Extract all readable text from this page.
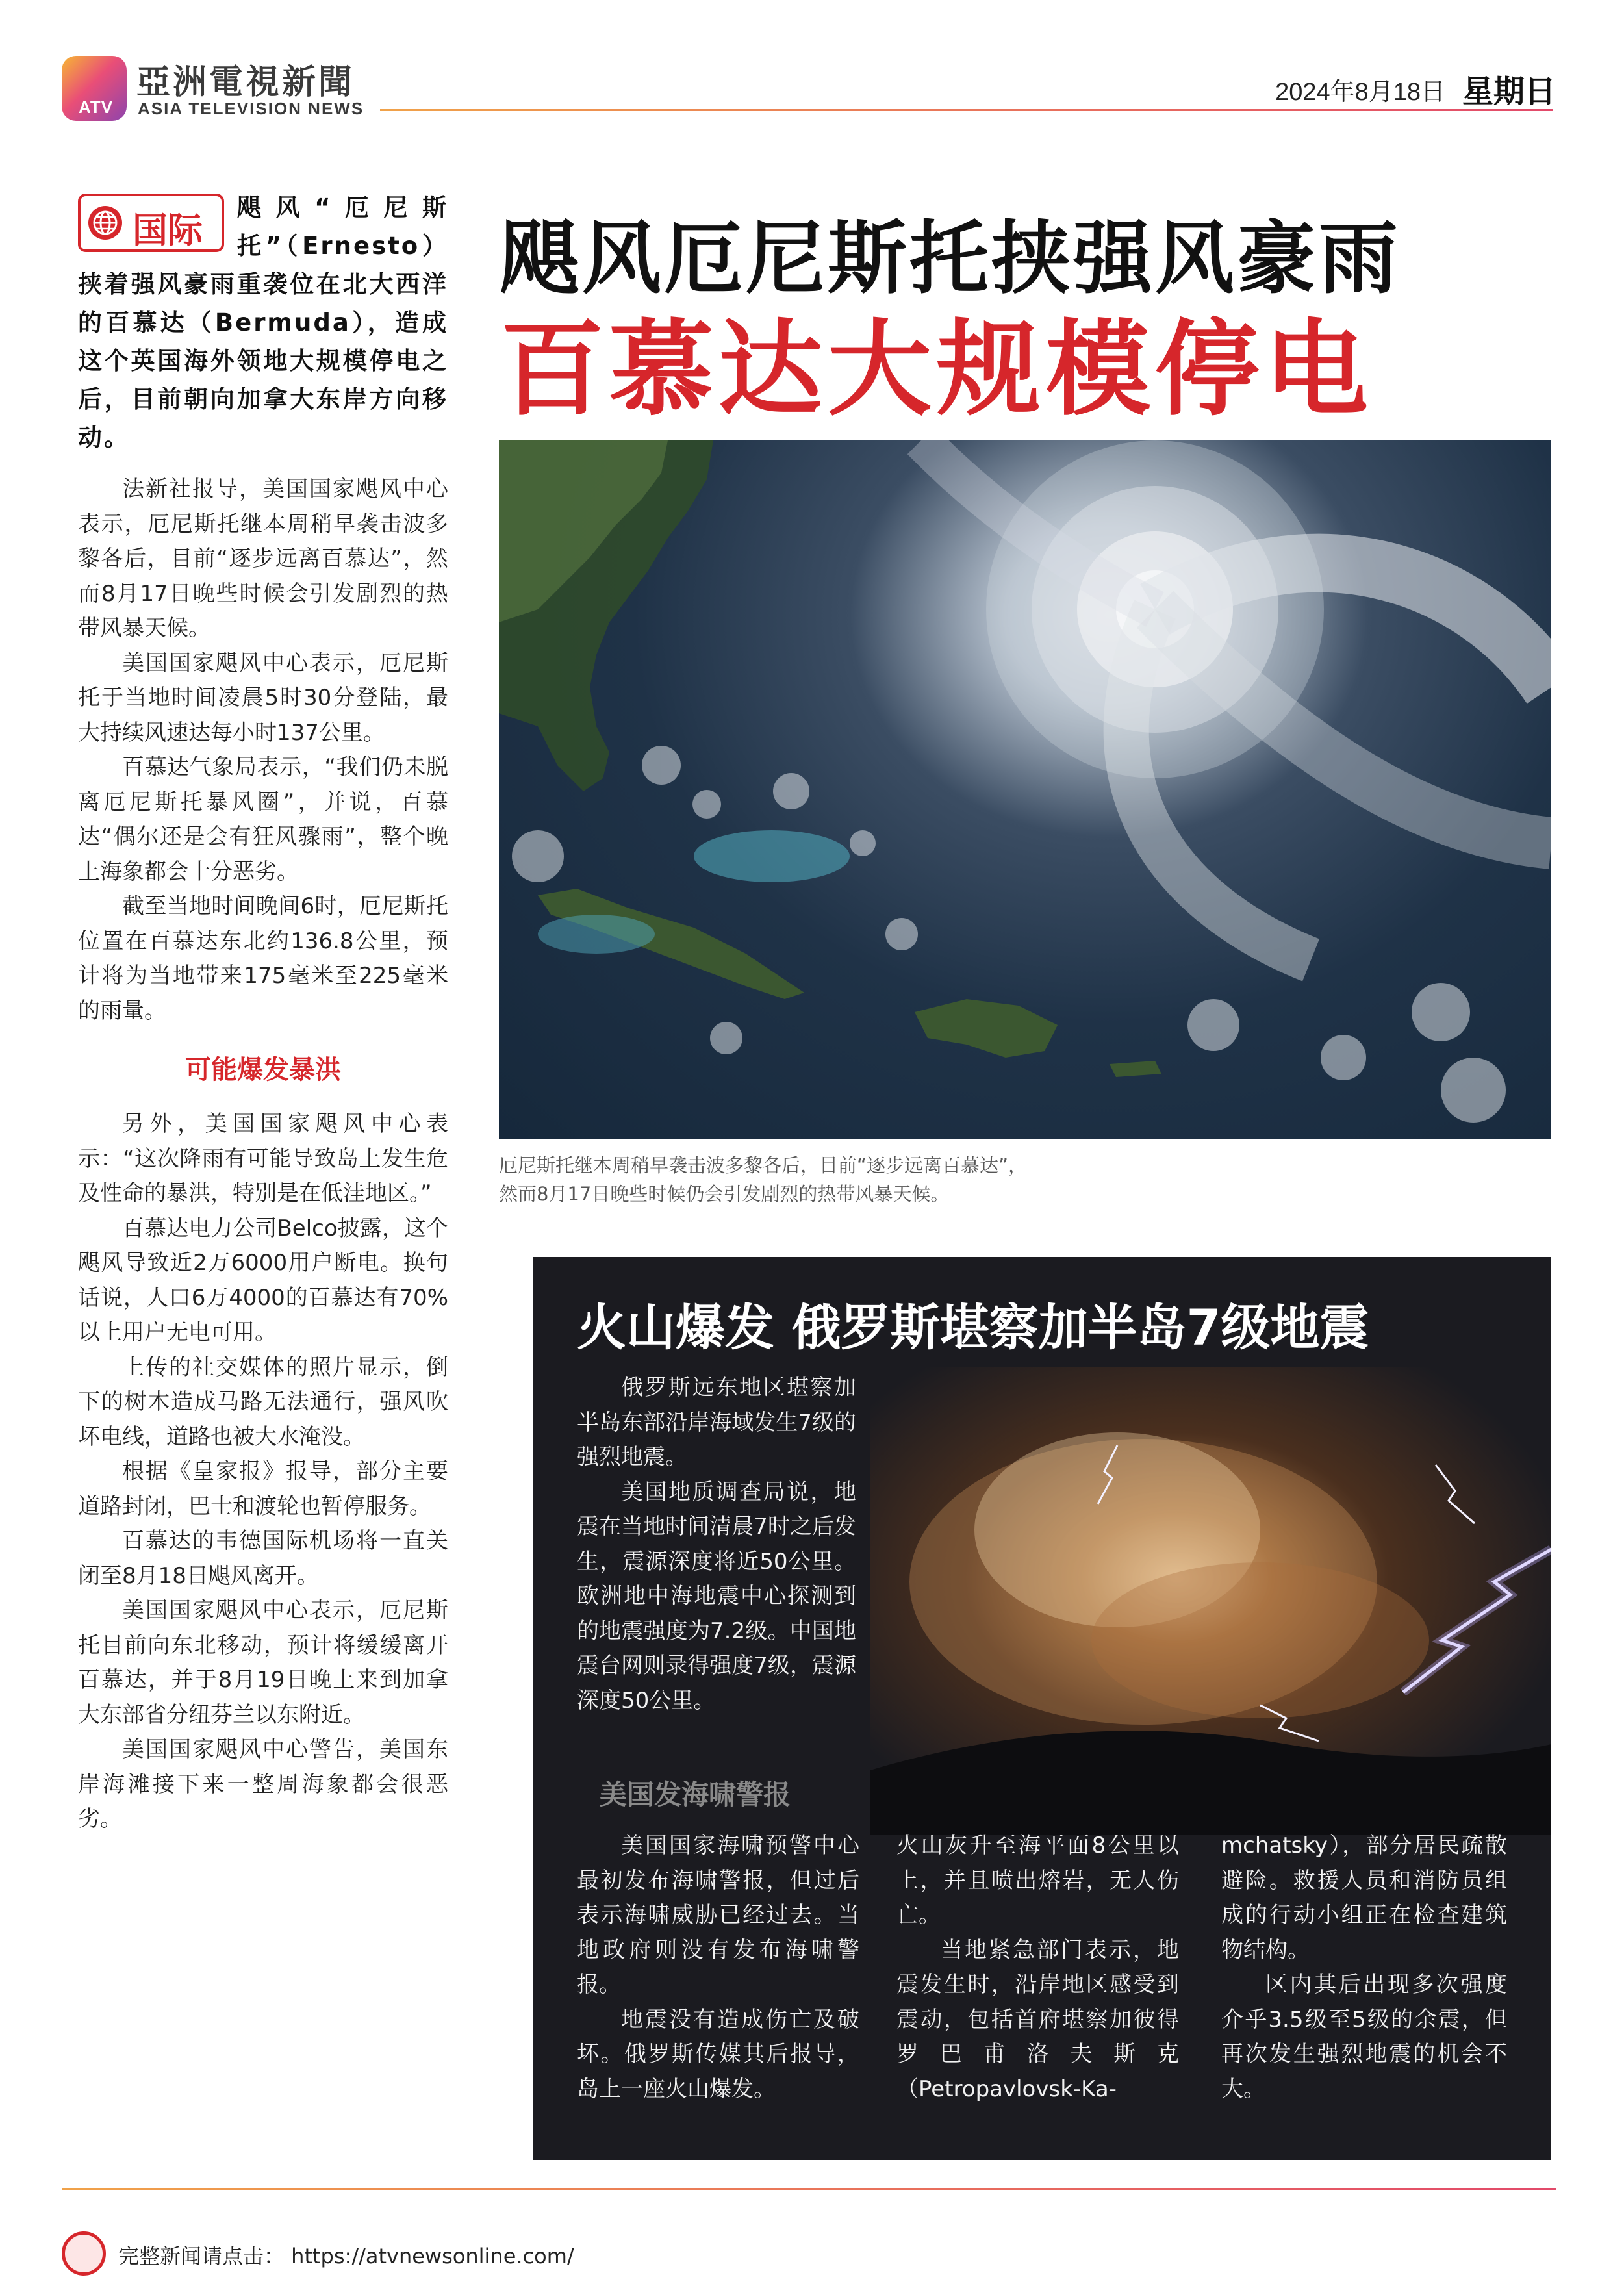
ATV
亞洲電視新聞
ASIA TELEVISION NEWS
2024年8月18日 星期日
国际

飓风“厄尼斯托”（Ernesto）挟着强风豪雨重袭位在北大西洋的百慕达（Bermuda），造成这个英国海外领地大规模停电之后，目前朝向加拿大东岸方向移动。

法新社报导，美国国家飓风中心表示，厄尼斯托继本周稍早袭击波多黎各后，目前“逐步远离百慕达”，然而8月17日晚些时候会引发剧烈的热带风暴天候。

美国国家飓风中心表示，厄尼斯托于当地时间凌晨5时30分登陆，最大持续风速达每小时137公里。

百慕达气象局表示，“我们仍未脱离厄尼斯托暴风圈”，并说，百慕达“偶尔还是会有狂风骤雨”，整个晚上海象都会十分恶劣。

截至当地时间晚间6时，厄尼斯托位置在百慕达东北约136.8公里，预计将为当地带来175毫米至225毫米的雨量。

可能爆发暴洪

另外，美国国家飓风中心表示：“这次降雨有可能导致岛上发生危及性命的暴洪，特别是在低洼地区。”

百慕达电力公司Belco披露，这个飓风导致近2万6000用户断电。换句话说，人口6万4000的百慕达有70%以上用户无电可用。

上传的社交媒体的照片显示，倒下的树木造成马路无法通行，强风吹坏电线，道路也被大水淹没。

根据《皇家报》报导，部分主要道路封闭，巴士和渡轮也暂停服务。

百慕达的韦德国际机场将一直关闭至8月18日飓风离开。

美国国家飓风中心表示，厄尼斯托目前向东北移动，预计将缓缓离开百慕达，并于8月19日晚上来到加拿大东部省分纽芬兰以东附近。

美国国家飓风中心警告，美国东岸海滩接下来一整周海象都会很恶劣。

飓风厄尼斯托挟强风豪雨
百慕达大规模停电
厄尼斯托继本周稍早袭击波多黎各后，目前“逐步远离百慕达”，
然而8月17日晚些时候仍会引发剧烈的热带风暴天候。
火山爆发 俄罗斯堪察加半岛7级地震

俄罗斯远东地区堪察加半岛东部沿岸海域发生7级的强烈地震。

美国地质调查局说，地震在当地时间清晨7时之后发生，震源深度将近50公里。欧洲地中海地震中心探测到的地震强度为7.2级。中国地震台网则录得强度7级，震源深度50公里。

美国发海啸警报

美国国家海啸预警中心最初发布海啸警报，但过后表示海啸威胁已经过去。当地政府则没有发布海啸警报。

地震没有造成伤亡及破坏。俄罗斯传媒其后报导，岛上一座火山爆发。

火山灰升至海平面8公里以上，并且喷出熔岩，无人伤亡。

当地紧急部门表示，地震发生时，沿岸地区感受到震动，包括首府堪察加彼得罗巴甫洛夫斯克（Petropavlovsk-Ka-

mchatsky），部分居民疏散避险。救援人员和消防员组成的行动小组正在检查建筑物结构。

区内其后出现多次强度介乎3.5级至5级的余震，但再次发生强烈地震的机会不大。

完整新闻请点击： https://atvnewsonline.com/
